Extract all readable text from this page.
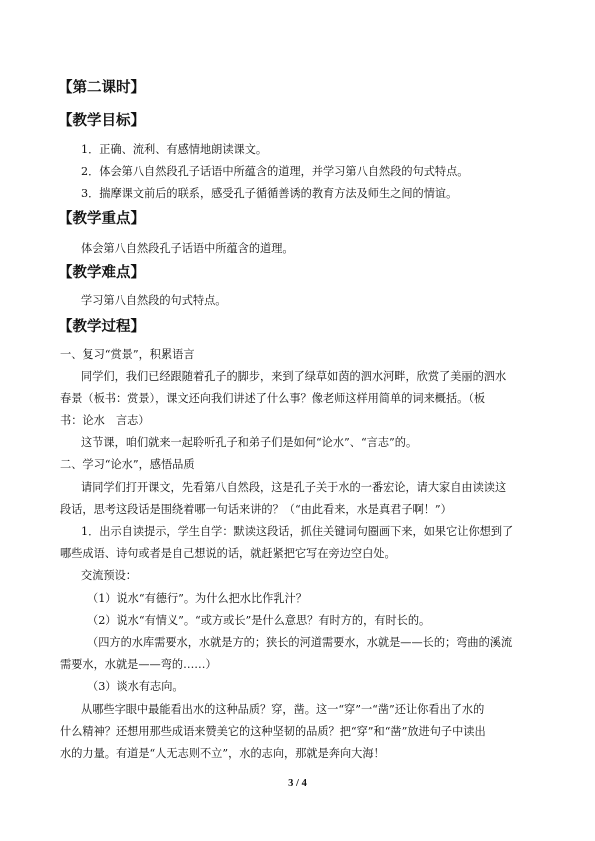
【第二课时】
【教学目标】
1．正确、流利、有感情地朗读课文。
2．体会第八自然段孔子话语中所蕴含的道理，并学习第八自然段的句式特点。
3．揣摩课文前后的联系，感受孔子循循善诱的教育方法及师生之间的情谊。
【教学重点】
体会第八自然段孔子话语中所蕴含的道理。
【教学难点】
学习第八自然段的句式特点。
【教学过程】
一、复习“赏景”，积累语言
同学们，我们已经跟随着孔子的脚步，来到了绿草如茵的泗水河畔，欣赏了美丽的泗水
春景（板书：赏景），课文还向我们讲述了什么事？像老师这样用简单的词来概括。（板
书：论水　言志）
这节课，咱们就来一起聆听孔子和弟子们是如何“论水”、“言志”的。
二、学习“论水”，感悟品质
请同学们打开课文，先看第八自然段，这是孔子关于水的一番宏论，请大家自由读读这
段话，思考这段话是围绕着哪一句话来讲的？（“由此看来，水是真君子啊！”）
1．出示自读提示，学生自学：默读这段话，抓住关键词句圈画下来，如果它让你想到了
哪些成语、诗句或者是自己想说的话，就赶紧把它写在旁边空白处。
交流预设：
（1）说水“有德行”。为什么把水比作乳汁？
（2）说水“有情义”。“或方或长”是什么意思？有时方的，有时长的。
（四方的水库需要水，水就是方的；狭长的河道需要水，水就是——长的；弯曲的溪流
需要水，水就是——弯的……）
（3）谈水有志向。
从哪些字眼中最能看出水的这种品质？穿，凿。这一“穿”一“凿”还让你看出了水的
什么精神？还想用那些成语来赞美它的这种坚韧的品质？把“穿”和“凿”放进句子中读出
水的力量。有道是“人无志则不立”，水的志向，那就是奔向大海！
3 / 4
